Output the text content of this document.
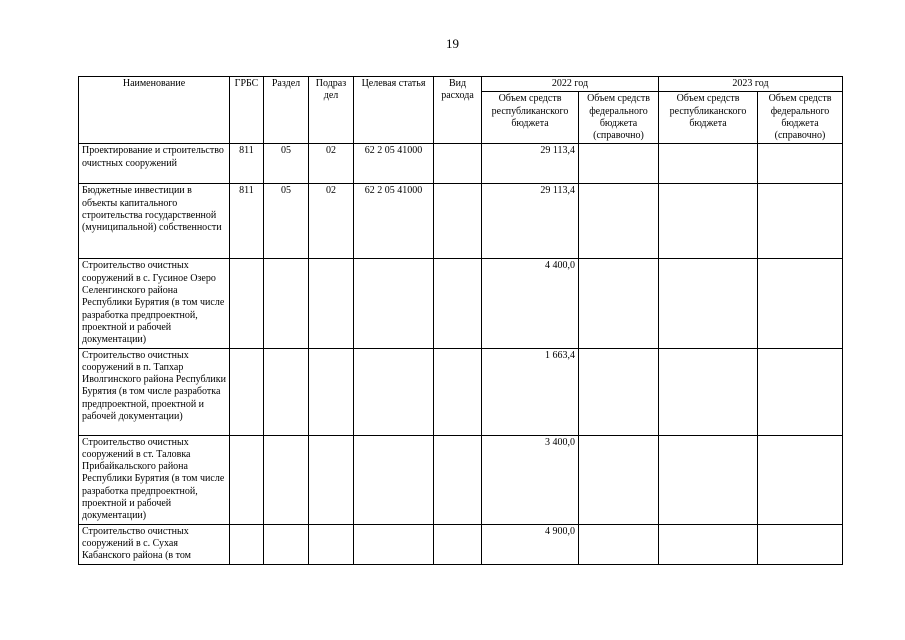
19
Наименование	ГРБС	Раздел	Подраз дел	Целевая статья	Вид расхода	2022 год		2023 год	
						Объем средств республиканского бюджета	Объем средств федерального бюджета (справочно)	Объем средств республиканского бюджета	Объем средств федерального бюджета (справочно)
Проектирование и строительство очистных сооружений	811	05	02	62 2 05 41000		29 113,4			
Бюджетные инвестиции в объекты капитального строительства государственной (муниципальной) собственности	811	05	02	62 2 05 41000		29 113,4			
Строительство очистных сооружений в с. Гусиное Озеро Селенгинского района Республики Бурятия (в том числе разработка предпроектной, проектной и рабочей документации)						4 400,0			
Строительство очистных сооружений в п. Тапхар Иволгинского района Республики Бурятия (в том числе разработка предпроектной, проектной и рабочей документации)						1 663,4			
Строительство очистных сооружений в ст. Таловка Прибайкальского района Республики Бурятия (в том числе разработка предпроектной, проектной и рабочей документации)						3 400,0			
Строительство очистных сооружений в с. Сухая Кабанского района (в том						4 900,0			
